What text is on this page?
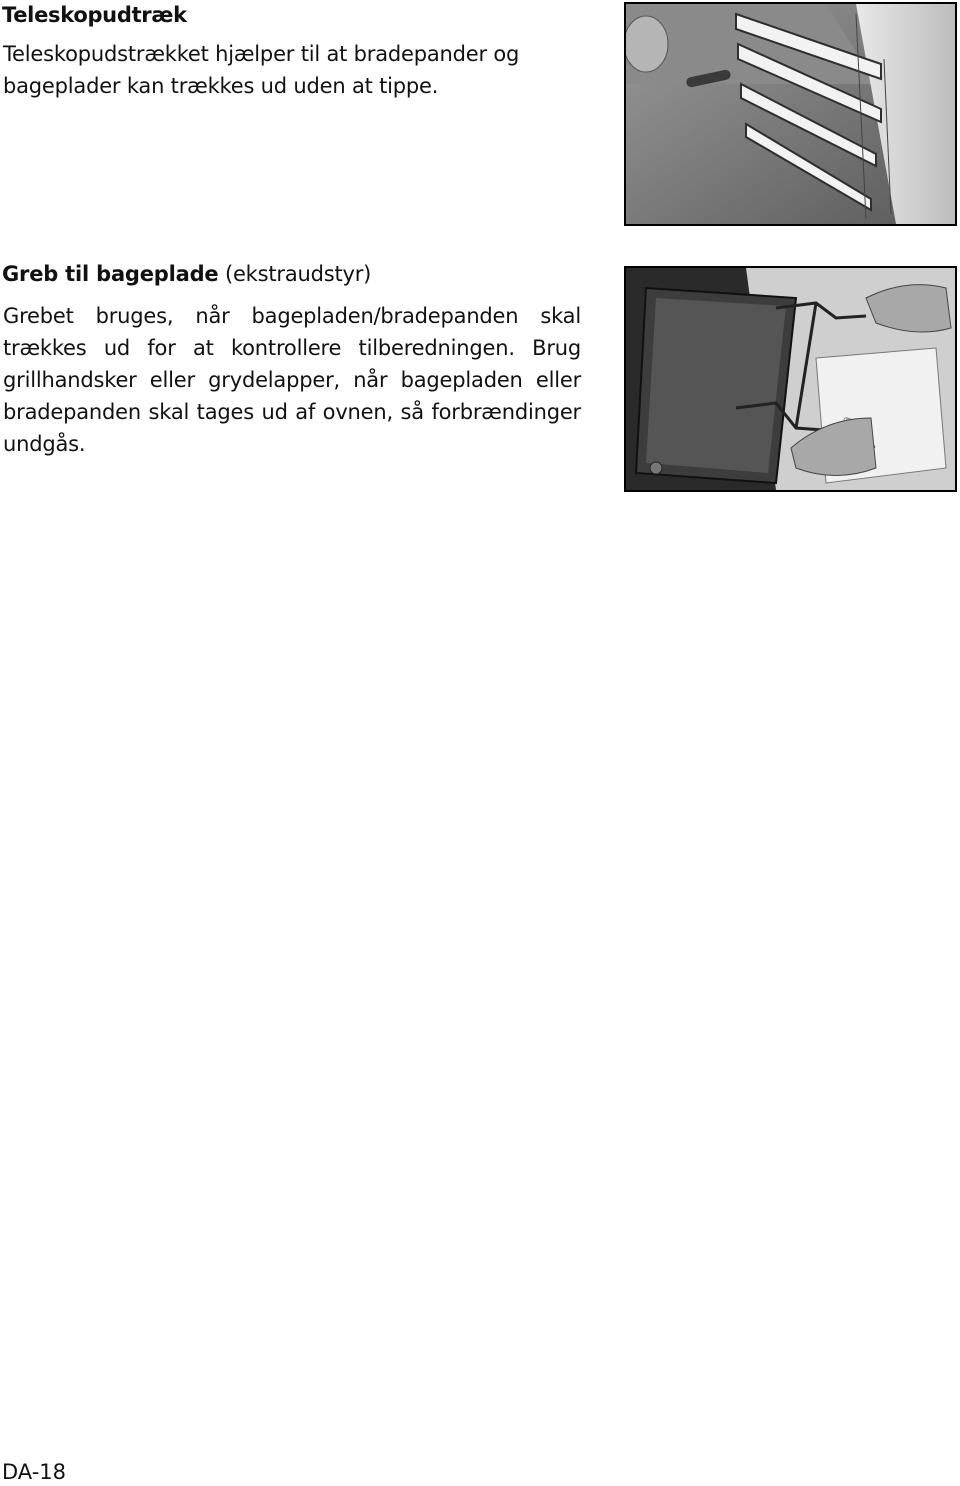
Teleskopudtræk

Teleskopudstrækket hjælper til at bradepander og bageplader kan trækkes ud uden at tippe.

Greb til bageplade (ekstraudstyr)

Grebet bruges, når bagepladen/bradepanden skal trækkes ud for at kontrollere tilberedningen. Brug grillhandsker eller grydelapper, når bagepladen eller bradepanden skal tages ud af ovnen, så forbrændinger undgås.

DA-18
